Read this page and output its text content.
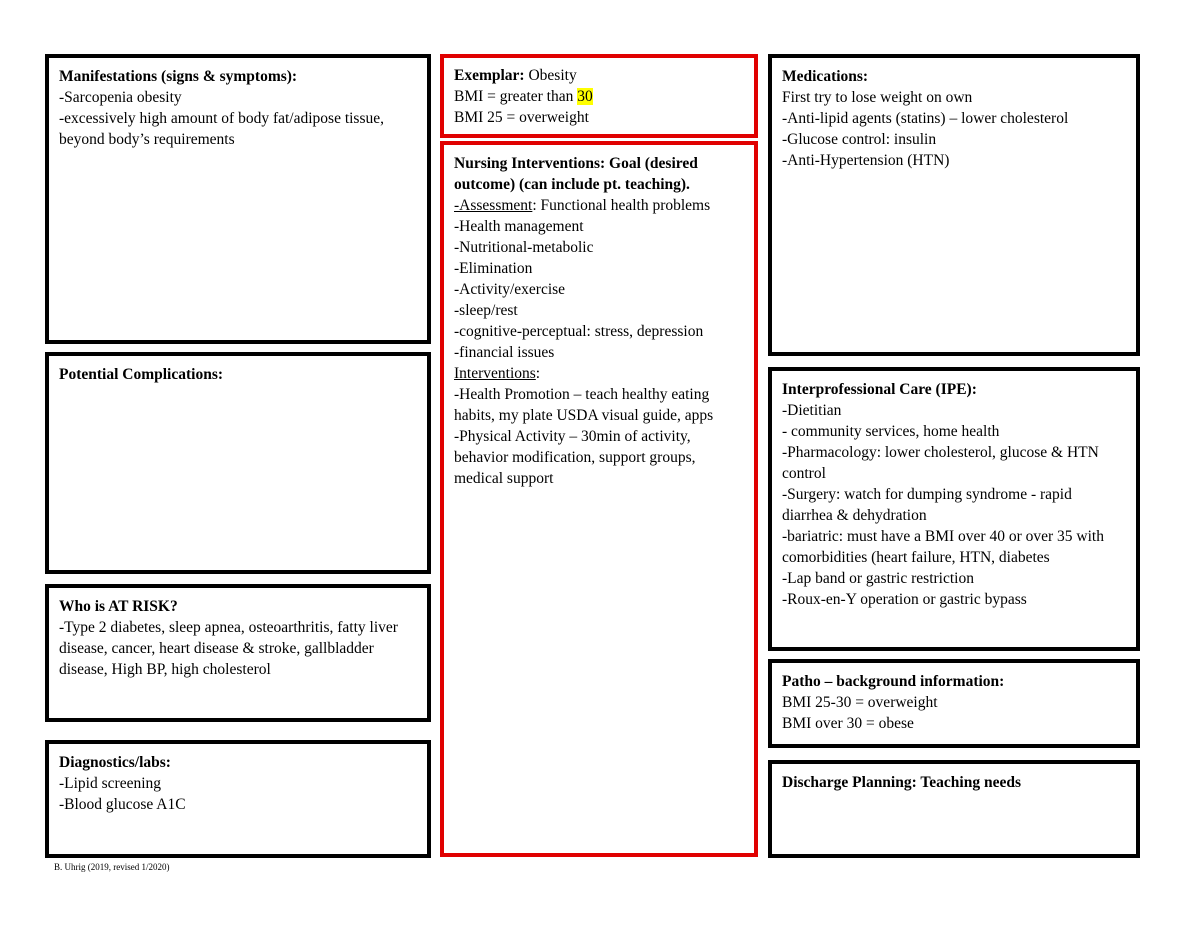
Manifestations (signs & symptoms):
-Sarcopenia obesity
-excessively high amount of body fat/adipose tissue, beyond body’s requirements
Exemplar: Obesity
BMI = greater than 30
BMI 25 = overweight
Medications:
First try to lose weight on own
-Anti-lipid agents (statins) – lower cholesterol
-Glucose control: insulin
-Anti-Hypertension (HTN)
Nursing Interventions: Goal (desired outcome) (can include pt. teaching).
-Assessment: Functional health problems
-Health management
-Nutritional-metabolic
-Elimination
-Activity/exercise
-sleep/rest
-cognitive-perceptual: stress, depression
-financial issues
Interventions:
-Health Promotion – teach healthy eating habits, my plate USDA visual guide, apps
-Physical Activity – 30min of activity, behavior modification, support groups, medical support
Potential Complications:
Interprofessional Care (IPE):
-Dietitian
- community services, home health
-Pharmacology: lower cholesterol, glucose & HTN control
-Surgery: watch for dumping syndrome - rapid diarrhea & dehydration
-bariatric: must have a BMI over 40 or over 35 with comorbidities (heart failure, HTN, diabetes
-Lap band or gastric restriction
-Roux-en-Y operation or gastric bypass
Who is AT RISK?
-Type 2 diabetes, sleep apnea, osteoarthritis, fatty liver disease, cancer, heart disease & stroke, gallbladder disease, High BP, high cholesterol
Patho – background information:
BMI 25-30 = overweight
BMI over 30 = obese
Diagnostics/labs:
-Lipid screening
-Blood glucose A1C
Discharge Planning: Teaching needs
B. Uhrig (2019, revised 1/2020)
